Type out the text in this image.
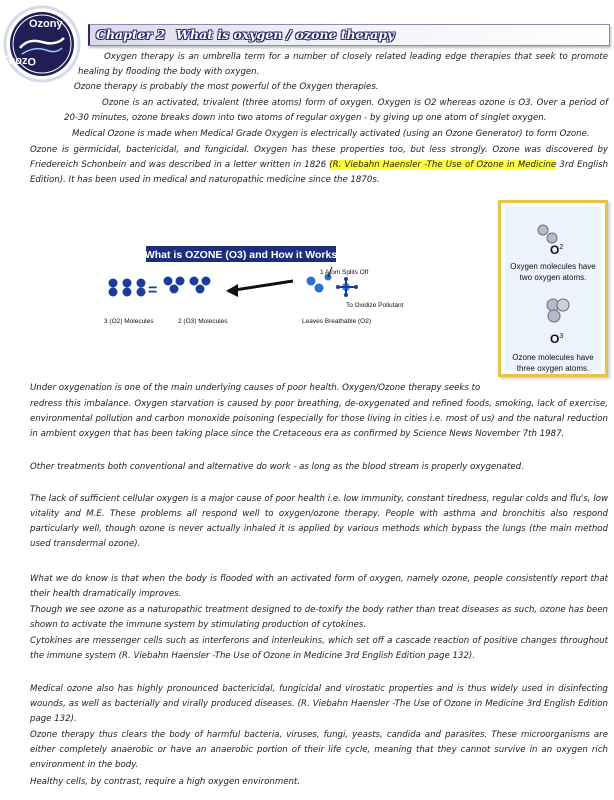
Ozony
Ozony
Chapter 2 What is oxygen / ozone therapy

Oxygen therapy is an umbrella term for a number of closely related leading edge therapies that seek to promote healing by flooding the body with oxygen.

Ozone therapy is probably the most powerful of the Oxygen therapies.

Ozone is an activated, trivalent (three atoms) form of oxygen. Oxygen is O2 whereas ozone is O3. Over a period of 20-30 minutes, ozone breaks down into two atoms of regular oxygen - by giving up one atom of singlet oxygen.

Medical Ozone is made when Medical Grade Oxygen is electrically activated (using an Ozone Generator) to form Ozone.

Ozone is germicidal, bactericidal, and fungicidal. Oxygen has these properties too, but less strongly. Ozone was discovered by Friedereich Schonbein and was described in a letter written in 1826 (R. Viebahn Haensler -The Use of Ozone in Medicine 3rd English Edition). It has been used in medical and naturopathic medicine since the 1870s.

What is OZONE (O3) and How it Works
=
1 Atom Splits Off
To Oxidize Pollutant
3 (O2) Molecules	2 (O3) Molecules	Leaves Breathable (O2)
$O^2$
Oxygen molecules have
two oxygen atoms.
$O^3$
Ozone molecules have
three oxygen atoms.

Under oxygenation is one of the main underlying causes of poor health. Oxygen/Ozone therapy seeks to

redress this imbalance. Oxygen starvation is caused by poor breathing, de-oxygenated and refined foods, smoking, lack of exercise, environmental pollution and carbon monoxide poisoning (especially for those living in cities i.e. most of us) and the natural reduction in ambient oxygen that has been taking place since the Cretaceous era as confirmed by Science News November 7th 1987.

Other treatments both conventional and alternative do work - as long as the blood stream is properly oxygenated.

The lack of sufficient cellular oxygen is a major cause of poor health i.e. low immunity, constant tiredness, regular colds and flu's, low vitality and M.E. These problems all respond well to oxygen/ozone therapy. People with asthma and bronchitis also respond particularly well, though ozone is never actually inhaled it is applied by various methods which bypass the lungs (the main method used transdermal ozone).

What we do know is that when the body is flooded with an activated form of oxygen, namely ozone, people consistently report that their health dramatically improves.

Though we see ozone as a naturopathic treatment designed to de-toxify the body rather than treat diseases as such, ozone has been shown to activate the immune system by stimulating production of cytokines.

Cytokines are messenger cells such as interferons and interleukins, which set off a cascade reaction of positive changes throughout the immune system (R. Viebahn Haensler -The Use of Ozone in Medicine 3rd English Edition page 132).

Medical ozone also has highly pronounced bactericidal, fungicidal and virostatic properties and is thus widely used in disinfecting wounds, as well as bacterially and virally produced diseases. (R. Viebahn Haensler -The Use of Ozone in Medicine 3rd English Edition page 132).

Ozone therapy thus clears the body of harmful bacteria, viruses, fungi, yeasts, candida and parasites. These microorganisms are either completely anaerobic or have an anaerobic portion of their life cycle, meaning that they cannot survive in an oxygen rich environment in the body.

Healthy cells, by contrast, require a high oxygen environment.
